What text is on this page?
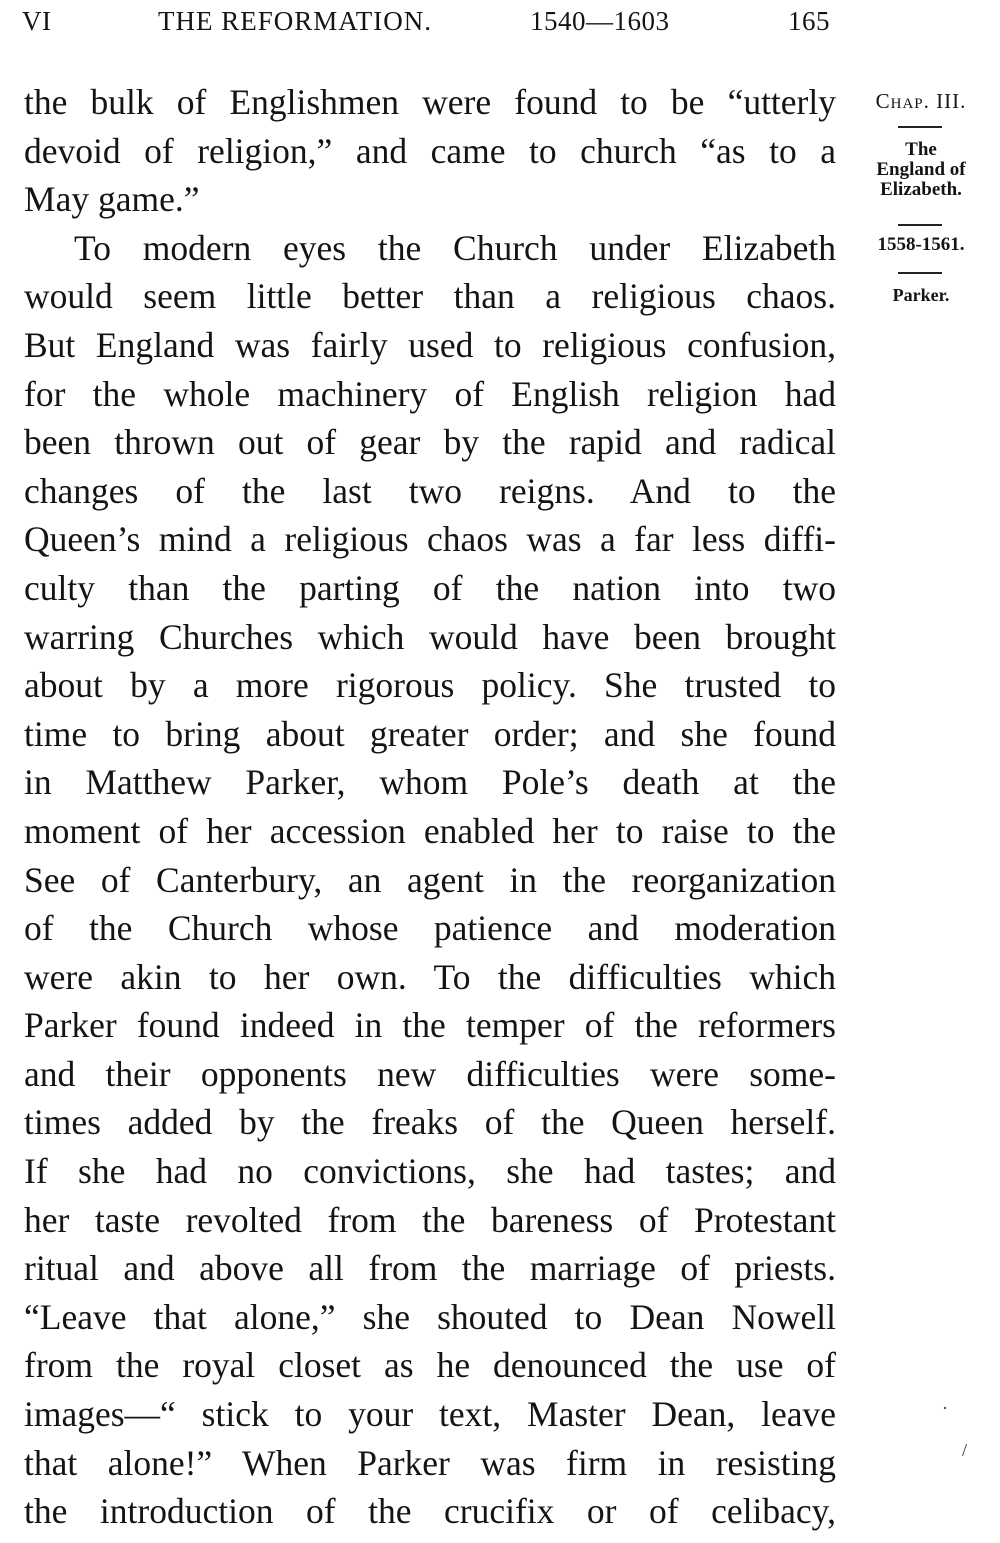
VI	THE REFORMATION.	1540—1603	165
the bulk of Englishmen were found to be “utterly
devoid of religion,” and came to church “as to a
May game.”
To modern eyes the Church under Elizabeth
would seem little better than a religious chaos.
But England was fairly used to religious confusion,
for the whole machinery of English religion had
been thrown out of gear by the rapid and radical
changes of the last two reigns. And to the
Queen’s mind a religious chaos was a far less diffi-
culty than the parting of the nation into two
warring Churches which would have been brought
about by a more rigorous policy. She trusted to
time to bring about greater order; and she found
in Matthew Parker, whom Pole’s death at the
moment of her accession enabled her to raise to the
See of Canterbury, an agent in the reorganization
of the Church whose patience and moderation
were akin to her own. To the difficulties which
Parker found indeed in the temper of the reformers
and their opponents new difficulties were some-
times added by the freaks of the Queen herself.
If she had no convictions, she had tastes; and
her taste revolted from the bareness of Protestant
ritual and above all from the marriage of priests.
“Leave that alone,” she shouted to Dean Nowell
from the royal closet as he denounced the use of
images—“ stick to your text, Master Dean, leave
that alone!” When Parker was firm in resisting
the introduction of the crucifix or of celibacy,
Chap. III.
The
England of
Elizabeth.
1558-1561.
Parker.
·
/
